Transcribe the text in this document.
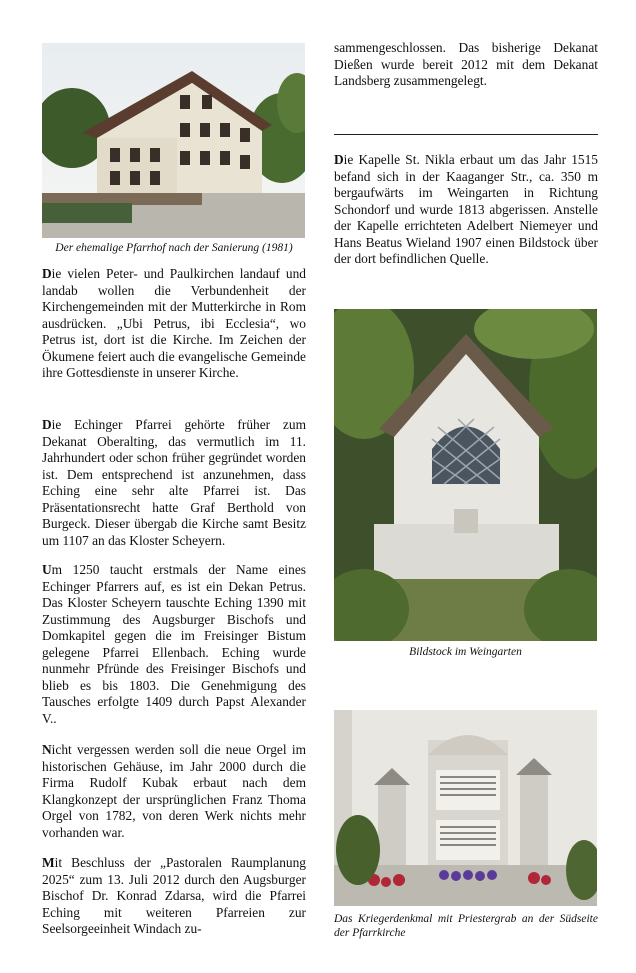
Der ehemalige Pfarrhof nach der Sanierung (1981)

Die vielen Peter- und Paulkirchen landauf und landab wollen die Verbundenheit der Kirchengemeinden mit der Mutterkirche in Rom ausdrücken. „Ubi Petrus, ibi Ecclesia“, wo Petrus ist, dort ist die Kirche. Im Zeichen der Ökumene feiert auch die evangelische Gemeinde ihre Gottesdienste in unserer Kirche.

Die Echinger Pfarrei gehörte früher zum Dekanat Oberalting, das vermutlich im 11. Jahrhundert oder schon früher gegründet worden ist. Dem entsprechend ist anzunehmen, dass Eching eine sehr alte Pfarrei ist. Das Präsentationsrecht hatte Graf Berthold von Burgeck. Dieser übergab die Kirche samt Besitz um 1107 an das Kloster Scheyern.

Um 1250 taucht erstmals der Name eines Echinger Pfarrers auf, es ist ein Dekan Petrus. Das Kloster Scheyern tauschte Eching 1390 mit Zustimmung des Augsburger Bischofs und Domkapitel gegen die im Freisinger Bistum gelegene Pfarrei Ellenbach. Eching wurde nunmehr Pfründe des Freisinger Bischofs und blieb es bis 1803. Die Genehmigung des Tausches erfolgte 1409 durch Papst Alexander V..

Nicht vergessen werden soll die neue Orgel im historischen Gehäuse, im Jahr 2000 durch die Firma Rudolf Kubak erbaut nach dem Klangkonzept der ursprünglichen Franz Thoma Orgel von 1782, von deren Werk nichts mehr vorhanden war.

Mit Beschluss der „Pastoralen Raumplanung 2025“ zum 13. Juli 2012 durch den Augsburger Bischof Dr. Konrad Zdarsa, wird die Pfarrei Eching mit weiteren Pfarreien zur Seelsorgeeinheit Windach zu-

sammengeschlossen. Das bisherige Dekanat Dießen wurde bereit 2012 mit dem Dekanat Landsberg zusammengelegt.

Die Kapelle St. Nikla erbaut um das Jahr 1515 befand sich in der Kaaganger Str., ca. 350 m bergaufwärts im Weingarten in Richtung Schondorf und wurde 1813 abgerissen. Anstelle der Kapelle errichteten Adelbert Niemeyer und Hans Beatus Wieland 1907 einen Bildstock über der dort befindlichen Quelle.

Bildstock im Weingarten
Das Kriegerdenkmal mit Priestergrab an der Südseite der Pfarrkirche
